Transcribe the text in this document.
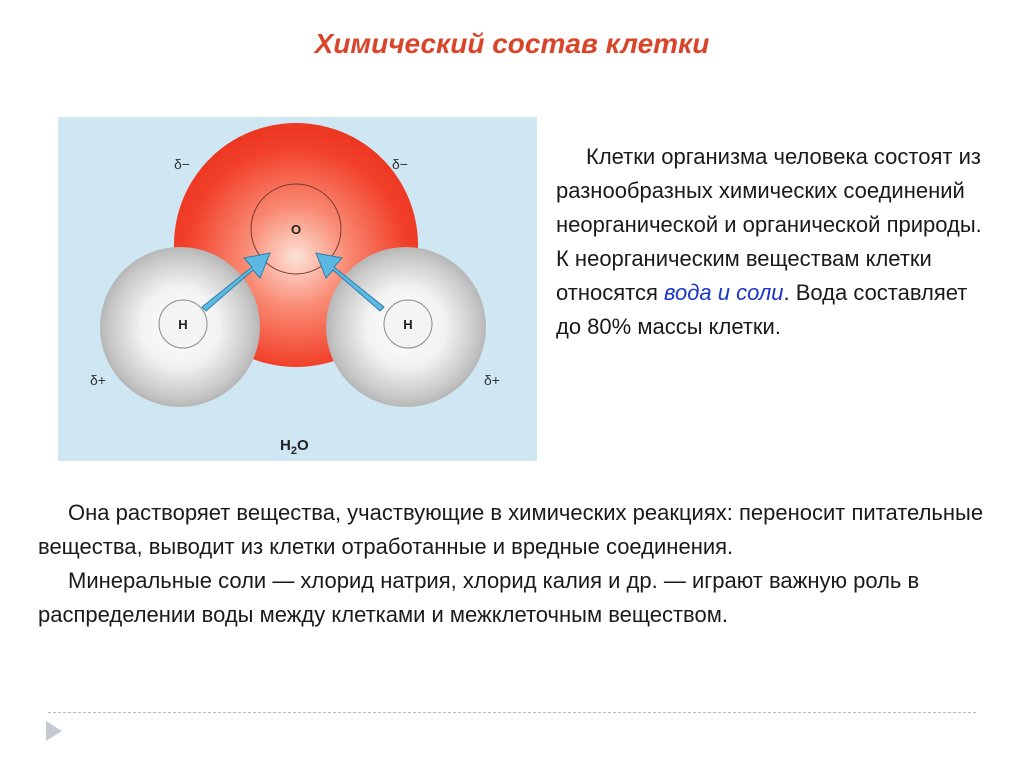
Химический состав клетки
O
H	H
δ−	δ−
δ+	δ+
$H_2O$
Клетки организма человека состоят из разнообразных химических соединений неорганической и органической природы. К неорганическим веществам клетки относятся вода и соли. Вода составляет до 80% массы клетки.

Она растворяет вещества, участвующие в химических реакциях: переносит питательные вещества, выводит из клетки отработанные и вредные соединения.

Минеральные соли — хлорид натрия, хлорид калия и др. — играют важную роль в распределении воды между клетками и межклеточным веществом.
